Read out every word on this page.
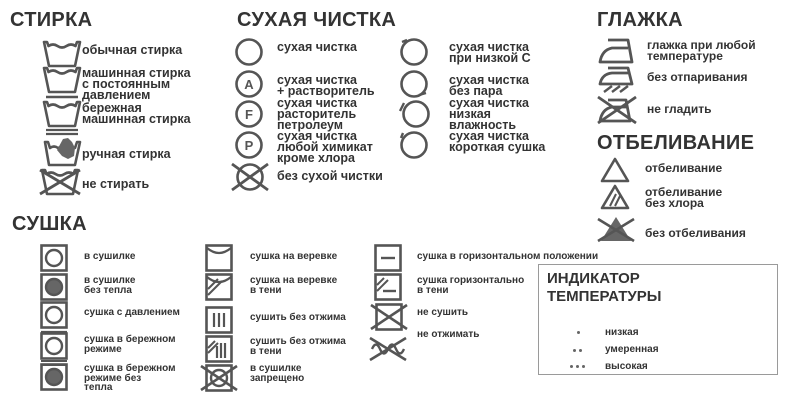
СТИРКА
обычная стирка
машинная стирка
с постоянным
давлением
бережная
машинная стирка
ручная стирка
не стирать
СУХАЯ ЧИСТКА
сухая чистка
A сухая чистка
+ растворитель
F
сухая чистка
расторитель
петролеум
P
сухая чистка
любой химикат
кроме хлора
без сухой чистки
сухая чистка
при низкой С
сухая чистка
без пара
сухая чистка
низкая
влажность
сухая чистка
короткая сушка
ГЛАЖКА
глажка при любой
температуре
без отпаривания
не гладить
ОТБЕЛИВАНИЕ
отбеливание
отбеливание
без хлора
без отбеливания
СУШКА
в сушилке
в сушилке
без тепла
сушка с давлением
сушка в бережном
режиме
сушка в бережном
режиме без
тепла
сушка на веревке
сушка на веревке
в тени
сушить без отжима
сушить без отжима
в тени
в сушилке
запрещено
сушка в горизонтальном положении
сушка горизонтально
в тени
не сушить
не отжимать
ИНДИКАТОР
ТЕМПЕРАТУРЫ
низкая
умеренная
высокая
